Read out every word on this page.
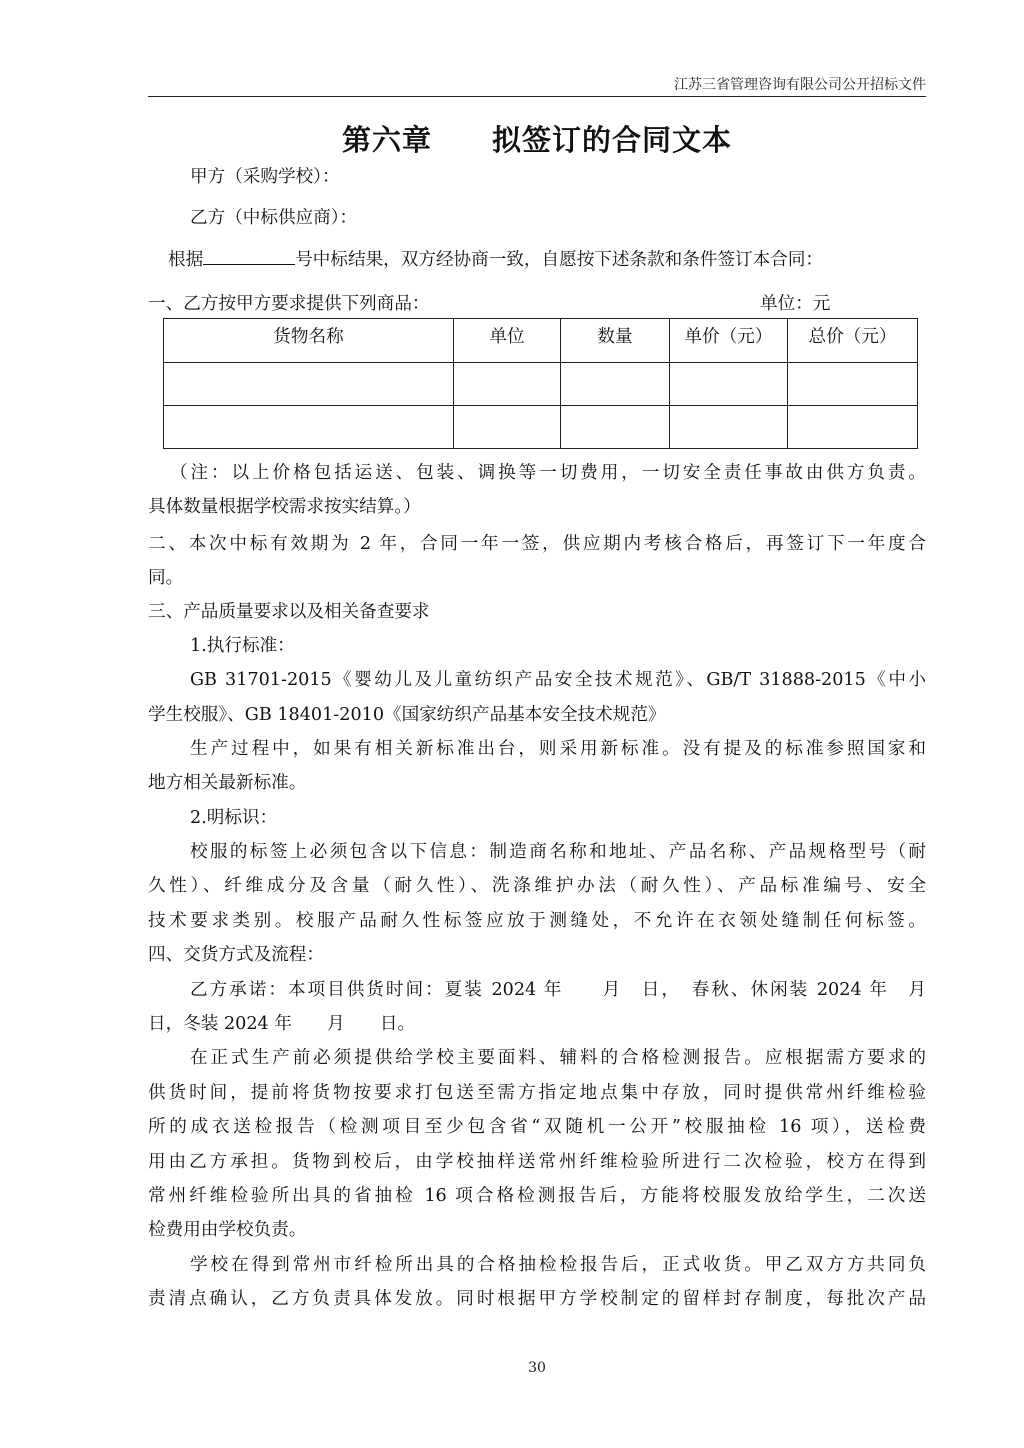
江苏三省管理咨询有限公司公开招标文件
第六章　　拟签订的合同文本
甲方（采购学校）：
乙方（中标供应商）：
根据	号中标结果，双方经协商一致，自愿按下述条款和条件签订本合同：
一、乙方按甲方要求提供下列商品：	单位：元
货物名称	单位	数量	单价（元）	总价（元）

（注：以上价格包括运送、包装、调换等一切费用，一切安全责任事故由供方负责。
具体数量根据学校需求按实结算。）
二、本次中标有效期为 2 年，合同一年一签，供应期内考核合格后，再签订下一年度合
同。
三、产品质量要求以及相关备查要求
1.执行标准：
GB 31701-2015《婴幼儿及儿童纺织产品安全技术规范》、GB/T 31888-2015《中小
学生校服》、GB 18401-2010《国家纺织产品基本安全技术规范》
生产过程中，如果有相关新标准出台，则采用新标准。没有提及的标准参照国家和
地方相关最新标准。
2.明标识：
校服的标签上必须包含以下信息：制造商名称和地址、产品名称、产品规格型号（耐
久性）、纤维成分及含量（耐久性）、洗涤维护办法（耐久性）、产品标准编号、安全
技术要求类别。校服产品耐久性标签应放于测缝处，不允许在衣领处缝制任何标签。
四、交货方式及流程：
乙方承诺：本项目供货时间：夏装 2024 年　　月　日，　春秋、休闲装 2024 年　月
日，冬装 2024 年　　月　　日。
在正式生产前必须提供给学校主要面料、辅料的合格检测报告。应根据需方要求的
供货时间，提前将货物按要求打包送至需方指定地点集中存放，同时提供常州纤维检验
所的成衣送检报告（检测项目至少包含省“双随机一公开”校服抽检 16 项），送检费
用由乙方承担。货物到校后，由学校抽样送常州纤维检验所进行二次检验，校方在得到
常州纤维检验所出具的省抽检 16 项合格检测报告后，方能将校服发放给学生，二次送
检费用由学校负责。
学校在得到常州市纤检所出具的合格抽检检报告后，正式收货。甲乙双方方共同负
责清点确认，乙方负责具体发放。同时根据甲方学校制定的留样封存制度，每批次产品
30
